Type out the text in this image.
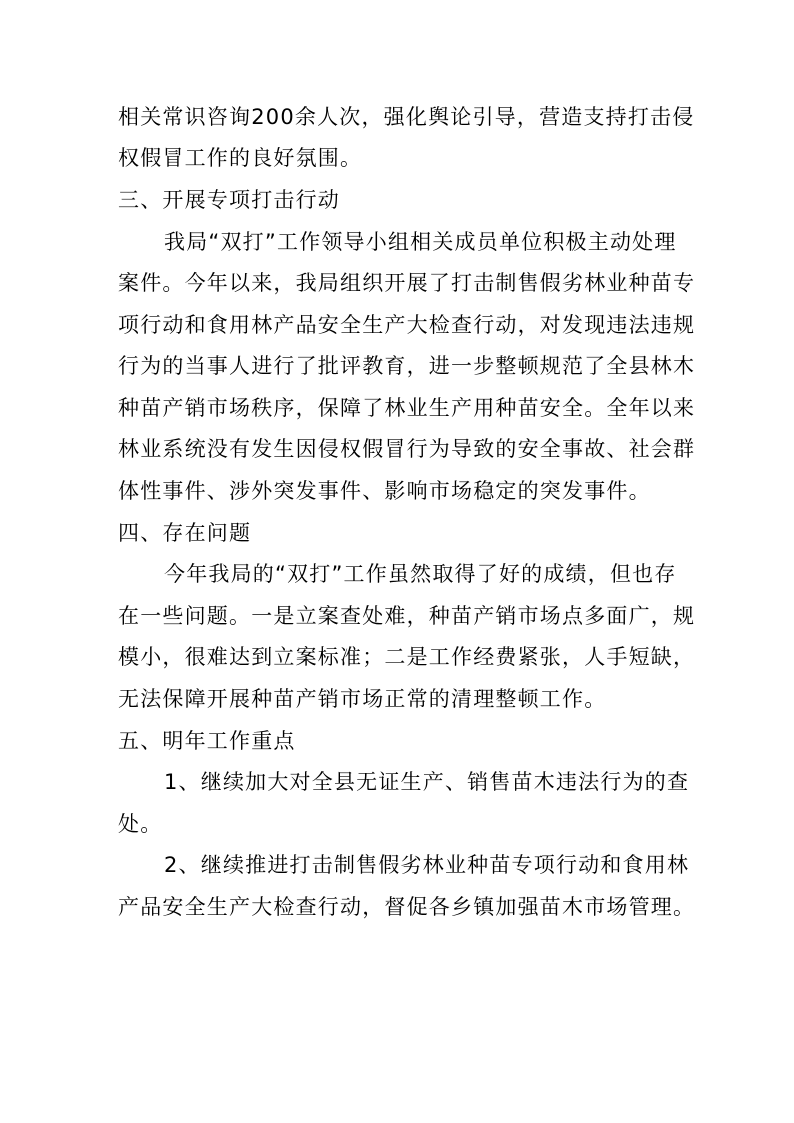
相关常识咨询200余人次，强化舆论引导，营造支持打击侵
权假冒工作的良好氛围。
三、开展专项打击行动
我局“双打”工作领导小组相关成员单位积极主动处理
案件。今年以来，我局组织开展了打击制售假劣林业种苗专
项行动和食用林产品安全生产大检查行动，对发现违法违规
行为的当事人进行了批评教育，进一步整顿规范了全县林木
种苗产销市场秩序，保障了林业生产用种苗安全。全年以来
林业系统没有发生因侵权假冒行为导致的安全事故、社会群
体性事件、涉外突发事件、影响市场稳定的突发事件。
四、存在问题
今年我局的“双打”工作虽然取得了好的成绩，但也存
在一些问题。一是立案查处难，种苗产销市场点多面广，规
模小，很难达到立案标准；二是工作经费紧张，人手短缺，
无法保障开展种苗产销市场正常的清理整顿工作。
五、明年工作重点
1、继续加大对全县无证生产、销售苗木违法行为的查
处。
2、继续推进打击制售假劣林业种苗专项行动和食用林
产品安全生产大检查行动，督促各乡镇加强苗木市场管理。
